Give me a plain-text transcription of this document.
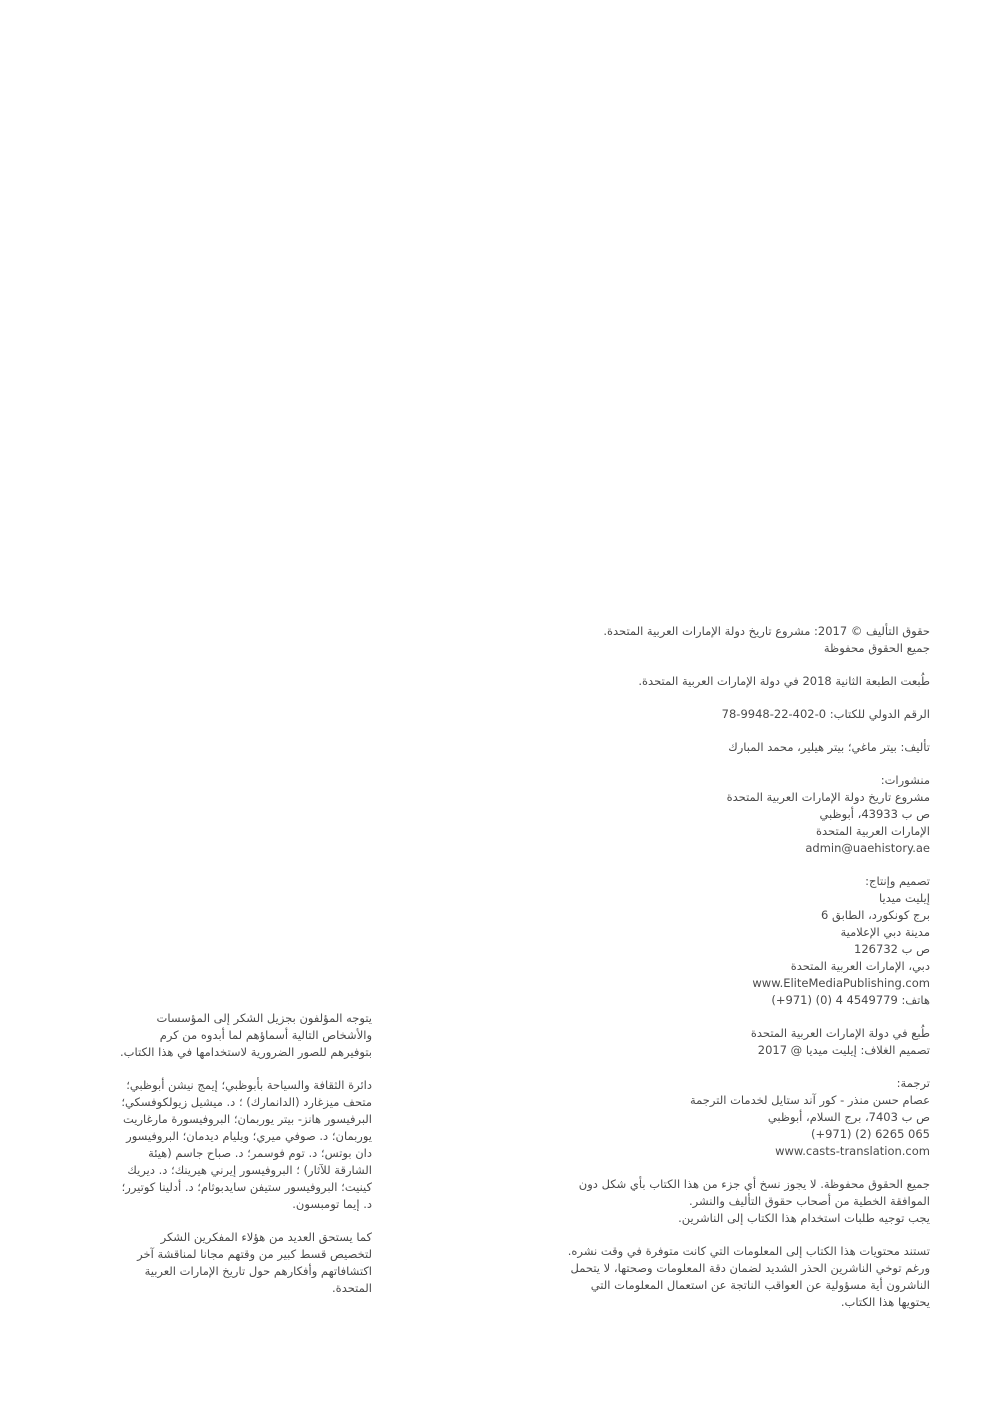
حقوق التأليف © 2017: مشروع تاريخ دولة الإمارات العربية المتحدة.
جميع الحقوق محفوظة
طُبعت الطبعة الثانية 2018 في دولة الإمارات العربية المتحدة.
الرقم الدولي للكتاب: 0-402-22-9948-78
تأليف: بيتر ماغي؛ بيتر هيلير، محمد المبارك
منشورات:
مشروع تاريخ دولة الإمارات العربية المتحدة
ص ب 43933، أبوظبي
الإمارات العربية المتحدة
admin@uaehistory.ae
تصميم وإنتاج:
إيليت ميديا
برج كونكورد، الطابق 6
مدينة دبي الإعلامية
ص ب 126732
دبي، الإمارات العربية المتحدة
www.EliteMediaPublishing.com
هاتف: (+971) (0) 4 4549779
طُبع في دولة الإمارات العربية المتحدة
تصميم الغلاف: إيليت ميديا @ 2017
ترجمة:
عصام حسن منذر - كور آند ستايل لخدمات الترجمة
ص ب 7403، برج السلام، أبوظبي
(+971) (2) 6265 065
www.casts-translation.com
جميع الحقوق محفوظة. لا يجوز نسخ أي جزء من هذا الكتاب بأي شكل دون
الموافقة الخطية من أصحاب حقوق التأليف والنشر.
يجب توجيه طلبات استخدام هذا الكتاب إلى الناشرين.
تستند محتويات هذا الكتاب إلى المعلومات التي كانت متوفرة في وقت نشره.
ورغم توخي الناشرين الحذر الشديد لضمان دقة المعلومات وصحتها، لا يتحمل
الناشرون أية مسؤولية عن العواقب الناتجة عن استعمال المعلومات التي
يحتويها هذا الكتاب.
يتوجه المؤلفون بجزيل الشكر إلى المؤسسات
والأشخاص التالية أسماؤهم لما أبدوه من كرم
بتوفيرهم للصور الضرورية لاستخدامها في هذا الكتاب.
دائرة الثقافة والسياحة بأبوظبي؛ إيمج نيشن أبوظبي؛
متحف ميزغارد (الدانمارك) ؛ د. ميشيل زيولكوفسكي؛
البرفيسور هانز- بيتر يوربمان؛ البروفيسورة مارغاريت
يوربمان؛ د. صوفي ميري؛ ويليام ديدمان؛ البروفيسور
دان بوتس؛ د. توم فوسمر؛ د. صباح جاسم (هيئة
الشارقة للآثار) ؛ البروفيسور إيرني هيرينك؛ د. ديريك
كينيت؛ البروفيسور ستيفن سايدبوثام؛ د. أدلينا كوتيرر؛
د. إيما تومبسون.
كما يستحق العديد من هؤلاء المفكرين الشكر
لتخصيص قسط كبير من وقتهم مجانا لمناقشة آخر
اكتشافاتهم وأفكارهم حول تاريخ الإمارات العربية
المتحدة.
